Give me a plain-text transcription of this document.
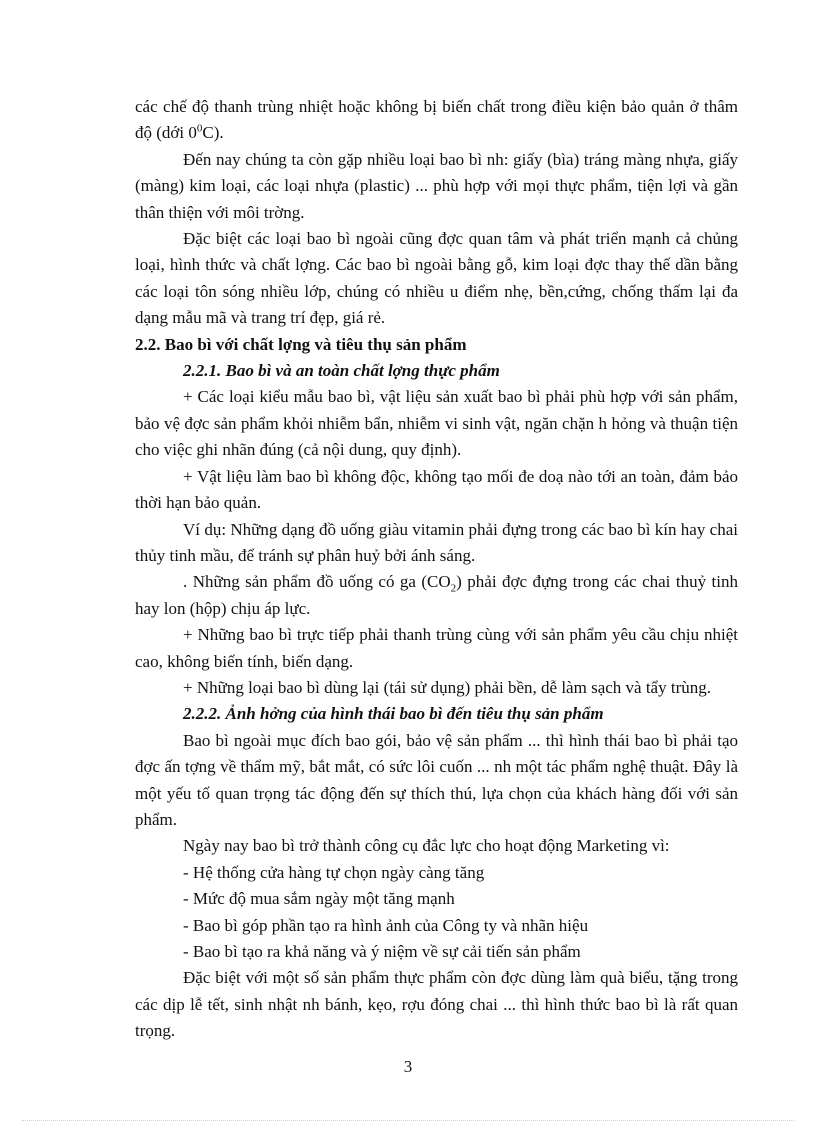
các chế độ thanh trùng nhiệt hoặc không bị biến chất trong điều kiện bảo quản ở thâm độ (dới $0^0C$).

Đến nay chúng ta còn gặp nhiều loại bao bì nh: giấy (bìa) tráng màng nhựa, giấy (màng) kim loại, các loại nhựa (plastic) ... phù hợp với mọi thực phẩm, tiện lợi và gần thân thiện với môi trờng.

Đặc biệt các loại bao bì ngoài cũng đợc quan tâm và phát triển mạnh cả chủng loại, hình thức và chất lợng. Các bao bì ngoài bằng gỗ, kim loại đợc thay thế dần bằng các loại tôn sóng nhiều lớp, chúng có nhiều u điểm nhẹ, bền,cứng, chống thấm lại đa dạng mẫu mã và trang trí đẹp, giá rẻ.

2.2. Bao bì với chất lợng và tiêu thụ sản phẩm

2.2.1. Bao bì và an toàn chất lợng thực phẩm

+ Các loại kiểu mẫu bao bì, vật liệu sản xuất bao bì phải phù hợp với sản phẩm, bảo vệ đợc sản phẩm khỏi nhiễm bẩn, nhiễm vi sinh vật, ngăn chặn h hỏng và thuận tiện cho việc ghi nhãn đúng (cả nội dung, quy định).

+ Vật liệu làm bao bì không độc, không tạo mối đe doạ nào tới an toàn, đảm bảo thời hạn bảo quản.

Ví dụ: Những dạng đồ uống giàu vitamin phải đựng trong các bao bì kín hay chai thủy tinh mầu, để tránh sự phân huỷ bởi ánh sáng.

. Những sản phẩm đồ uống có ga $(CO_2)$ phải đợc đựng trong các chai thuỷ tinh hay lon (hộp) chịu áp lực.

+ Những bao bì trực tiếp phải thanh trùng cùng với sản phẩm yêu cầu chịu nhiệt cao, không biến tính, biến dạng.

+ Những loại bao bì dùng lại (tái sử dụng) phải bền, dễ làm sạch và tẩy trùng.

2.2.2. Ảnh hởng của hình thái bao bì đến tiêu thụ sản phẩm

Bao bì ngoài mục đích bao gói, bảo vệ sản phẩm ... thì hình thái bao bì phải tạo đợc ấn tợng về thẩm mỹ, bắt mắt, có sức lôi cuốn ... nh một tác phẩm nghệ thuật. Đây là một yếu tố quan trọng tác động đến sự thích thú, lựa chọn của khách hàng đối với sản phẩm.

Ngày nay bao bì trở thành công cụ đắc lực cho hoạt động Marketing vì:

- Hệ thống cửa hàng tự chọn ngày càng tăng

- Mức độ mua sắm ngày một tăng mạnh

- Bao bì góp phần tạo ra hình ảnh của Công ty và nhãn hiệu

- Bao bì tạo ra khả năng và ý niệm về sự cải tiến sản phẩm

Đặc biệt với một số sản phẩm thực phẩm còn đợc dùng làm quà biếu, tặng trong các dịp lễ tết, sinh nhật nh bánh, kẹo, rợu đóng chai ... thì hình thức bao bì là rất quan trọng.

3
